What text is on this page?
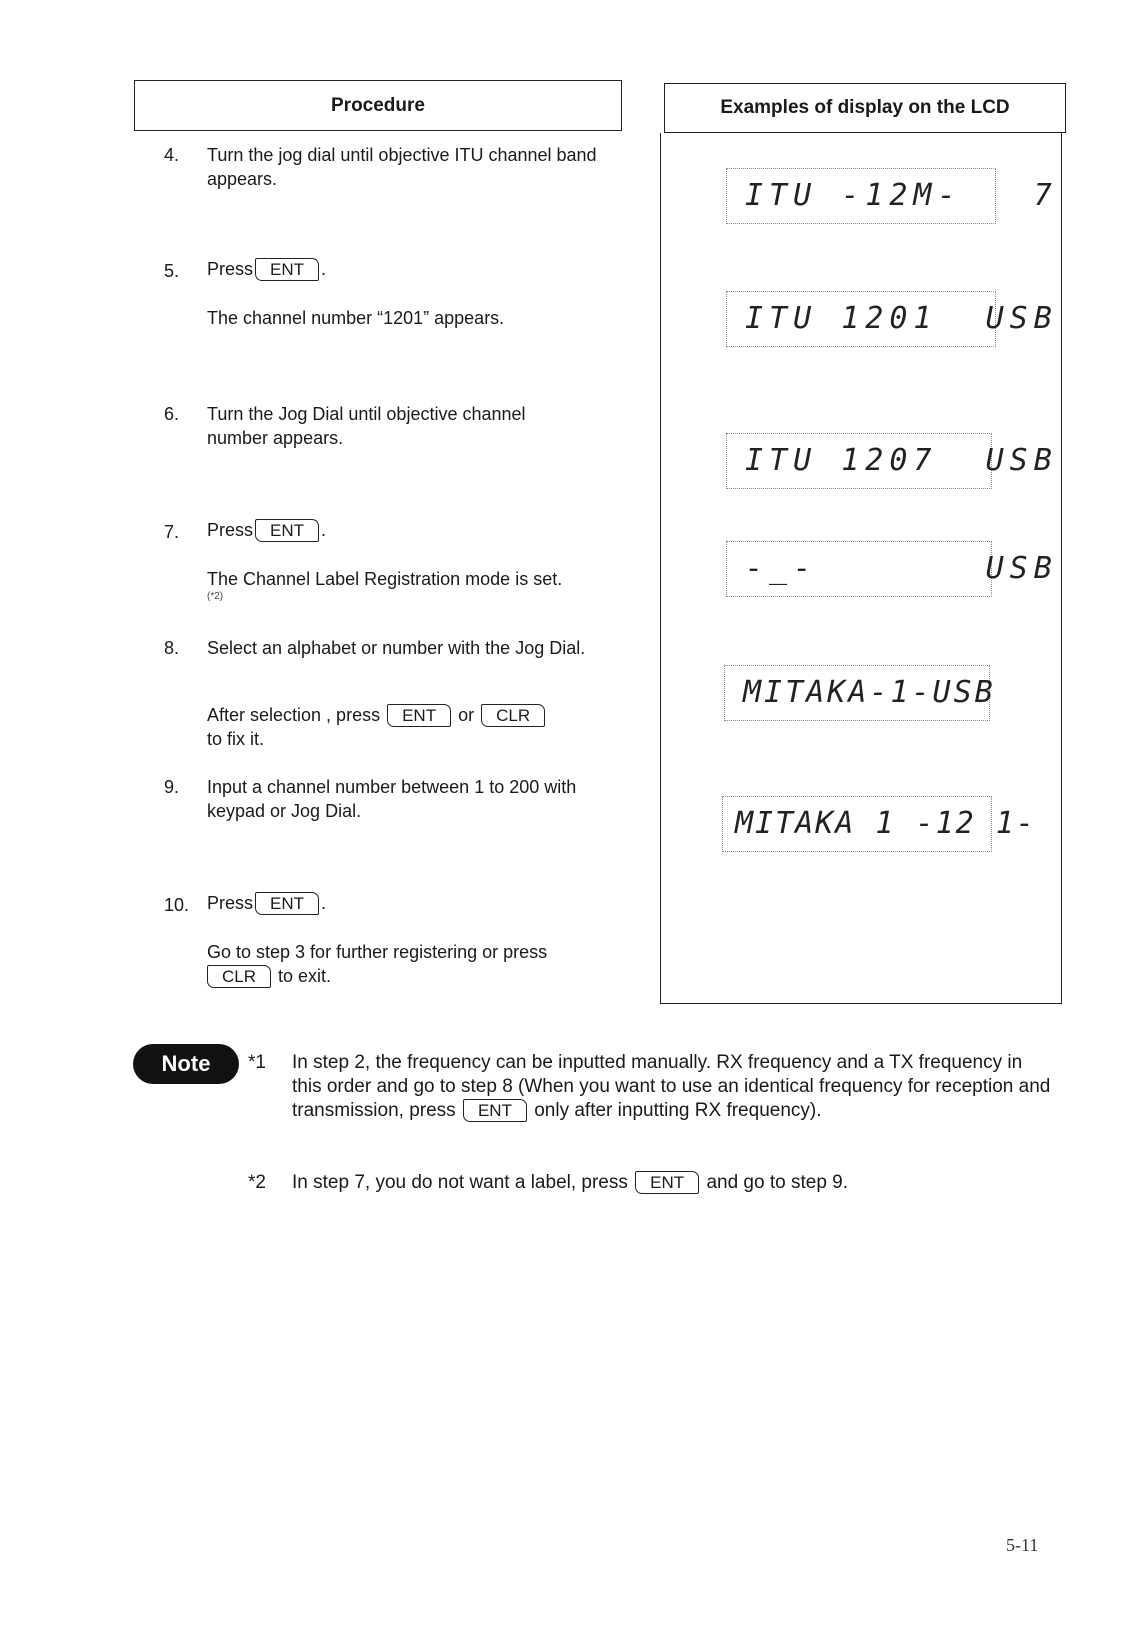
Procedure	Examples of display on the LCD
4. Turn the jog dial until objective ITU channel band appears.
5. Press ENT .
The channel number “1201” appears.
6. Turn the Jog Dial until objective channel number appears.
7. Press ENT .
The Channel Label Registration mode is set.
(*2)
8. Select an alphabet or number with the Jog Dial.
After selection , press ENT or CLR
to fix it.
9. Input a channel number between 1 to 200 with keypad or Jog Dial.
10. Press ENT .
Go to step 3 for further registering or press
CLR to exit.
ITU -12M-   7
ITU 1201  USB
ITU 1207  USB
-_-       USB
MITAKA-1-USB
MITAKA 1 -12 1-
Note	*1 In step 2, the frequency can be inputted manually. RX frequency and a TX frequency in this order and go to step 8 (When you want to use an identical frequency for reception and transmission, press ENT only after inputting RX frequency).
*2 In step 7, you do not want a label, press ENT and go to step 9.
5-11
